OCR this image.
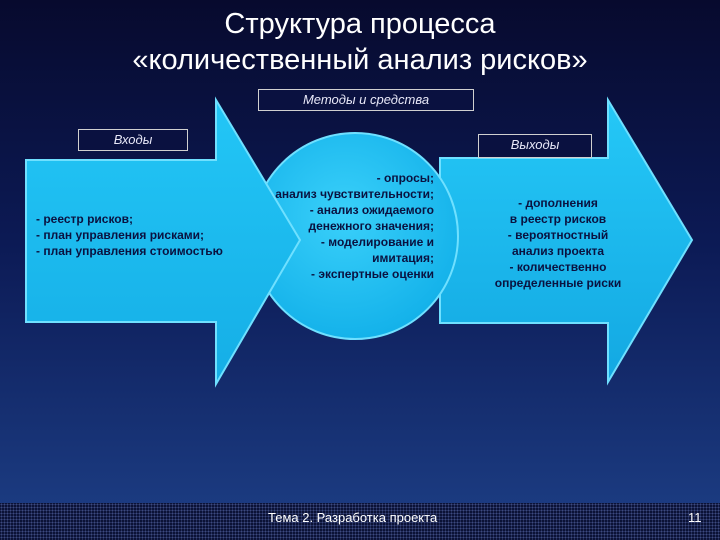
Структура процесса
«количественный анализ рисков»
Методы и средства
Входы	Выходы
- реестр рисков;
- план управления рисками;
- план управления стоимостью
- опросы;
анализ чувствительности;
- анализ ожидаемого
денежного значения;
- моделирование и
имитация;
- экспертные оценки
- дополнения
в реестр рисков
- вероятностный
анализ проекта
- количественно
определенные риски
Тема 2. Разработка проекта	11
